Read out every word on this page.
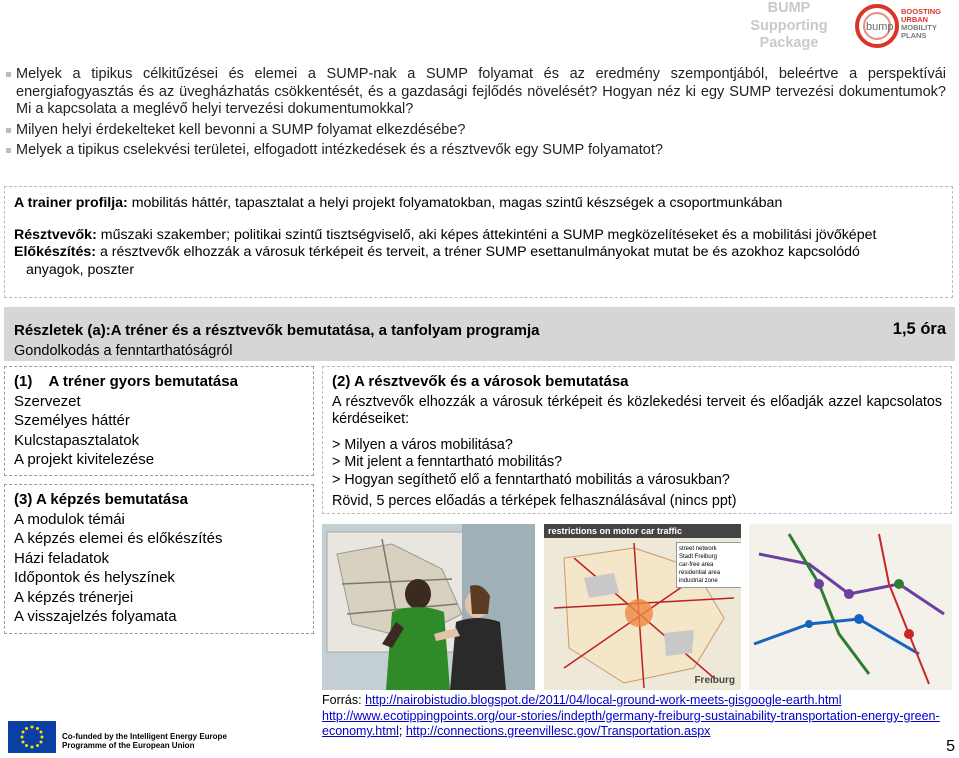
BUMP
Supporting
Package
bump
BOOSTING
URBAN
MOBILITY
PLANS
Melyek a tipikus célkitűzései és elemei a SUMP-nak a SUMP folyamat és az eredmény szempontjából, beleértve a perspektívái energiafogyasztás és az üvegházhatás csökkentését, és a gazdasági fejlődés növelését? Hogyan néz ki egy SUMP tervezési dokumentumok? Mi a kapcsolata a meglévő helyi tervezési dokumentumokkal?
Milyen helyi érdekelteket kell bevonni a SUMP folyamat elkezdésébe?
Melyek a tipikus cselekvési területei, elfogadott intézkedések és a résztvevők egy SUMP folyamatot?

A trainer profilja: mobilitás háttér, tapasztalat a helyi projekt folyamatokban, magas szintű készségek a csoportmunkában

Résztvevők: műszaki szakember; politikai szintű tisztségviselő, aki képes áttekinténi a SUMP megközelítéseket és a mobilitási jövőképet

Előkészítés: a résztvevők elhozzák a városuk térképeit és terveit, a tréner SUMP esettanulmányokat mutat be és azokhoz kapcsolódó

anyagok, poszter

Részletek (a):A tréner és a résztvevők bemutatása, a tanfolyam programja
Gondolkodás a fenntarthatóságról
1,5 óra
(1)    A tréner gyors bemutatása
Szervezet
Személyes háttér
Kulcstapasztalatok
A projekt kivitelezése
(3) A képzés bemutatása
A modulok témái
A képzés elemei és előkészítés
Házi feladatok
Időpontok és helyszínek
A képzés trénerjei
A visszajelzés folyamata
(2) A résztvevők és a városok bemutatása
A résztvevők elhozzák a városuk térképeit és közlekedési terveit és előadják azzel kapcsolatos kérdéseiket:
> Milyen a város mobilitása?
> Mit jelent a fenntartható mobilitás?
> Hogyan segíthető elő a fenntartható mobilitás a városukban?
Rövid, 5 perces előadás a térképek felhasználásával (nincs ppt)
restrictions on motor car traffic
street network
Stadt Freiburg
car-free area
residential area
industrial zone
Freiburg
Forrás: http://nairobistudio.blogspot.de/2011/04/local-ground-work-meets-gisgoogle-earth.html
http://www.ecotippingpoints.org/our-stories/indepth/germany-freiburg-sustainability-transportation-energy-green-economy.html; http://connections.greenvillesc.gov/Transportation.aspx
Co-funded by the Intelligent Energy Europe
Programme of the European Union	5
